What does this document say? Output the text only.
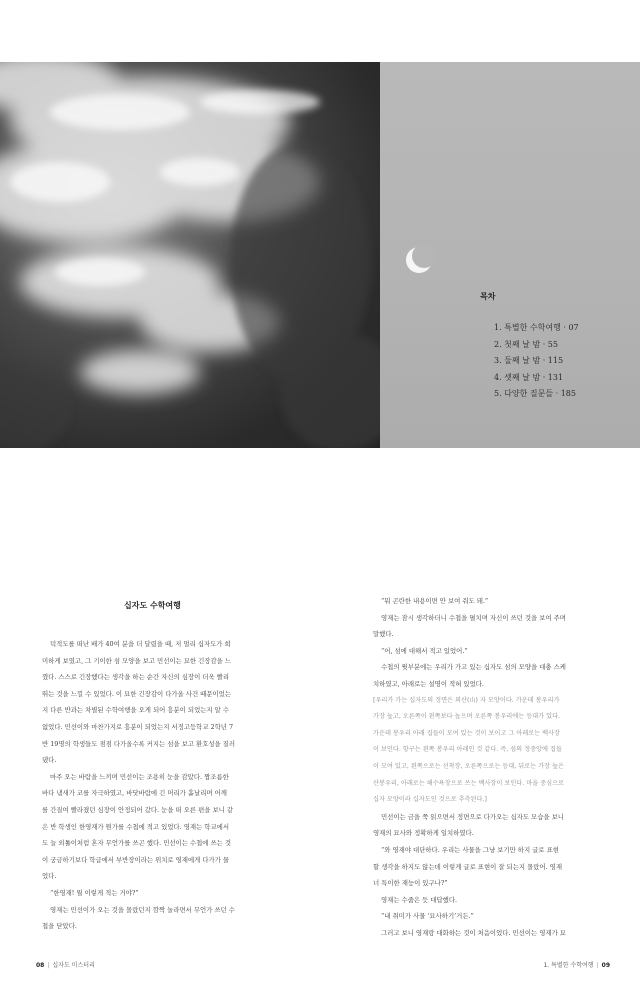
목차
1. 특별한 수학여행 · 07
2. 첫째 날 밤 · 55
3. 둘째 날 밤 · 115
4. 셋째 날 밤 · 131
5. 다양한 질문들 · 185
십자도 수학여행

덕적도를 떠난 배가 40여 분을 더 달렸을 때, 저 멀리 십자도가 희

미하게 보였고, 그 기이한 섬 모양을 보고 민선이는 묘한 긴장감을 느

꼈다. 스스로 긴장했다는 생각을 하는 순간 자신의 심장이 더욱 빨리

뛰는 것을 느낄 수 있었다. 이 묘한 긴장감이 다가올 사건 때문이었는

지 다른 반과는 차별된 수학여행을 오게 되어 흥분이 되었는지 알 수

없었다. 민선이와 마찬가지로 흥분이 되었는지 서정고등학교 2학년 7

반 19명의 학생들도 점점 다가올수록 커지는 섬을 보고 환호성을 질러

댔다.

마주 오는 바람을 느끼며 민선이는 조용히 눈을 감았다. 짭조름한

바다 냄새가 코를 자극하였고, 바닷바람에 긴 머리가 흩날리며 어깨

를 간질여 빨라졌던 심장이 안정되어 갔다. 눈을 떠 오른 편을 보니 같

은 반 학생인 한영재가 뭔가를 수첩에 적고 있었다. 영재는 학교에서

도 늘 외톨이처럼 혼자 무언가를 쓰곤 했다. 민선이는 수첩에 쓰는 것

이 궁금하기보다 학급에서 부반장이라는 위치로 영재에게 다가가 물

었다.

“한영재! 뭘 이렇게 적는 거야?”

영재는 민선이가 오는 것을 몰랐던지 깜짝 놀라면서 무언가 쓰던 수

첩을 닫았다.

“뭐 곤란한 내용이면 안 보여 줘도 돼.”

영재는 잠시 생각하더니 수첩을 펼치며 자신이 쓰던 것을 보여 주며

말했다.

“어, 섬에 대해서 적고 있었어.”

수첩의 윗부분에는 우리가 가고 있는 십자도 섬의 모양을 대충 스케

치하였고, 아래로는 설명이 적혀 있었다.

[우리가 가는 십자도의 정면은 외산(山) 자 모양이다. 가운데 봉우리가

가장 높고, 오른쪽이 왼쪽보다 높으며 오른쪽 봉우리에는 등대가 있다.

가운데 봉우리 아래 집들이 모여 있는 것이 보이고 그 아래로는 백사장

이 보인다. 항구는 왼쪽 봉우리 아래인 것 같다. 즉, 섬의 정중앙에 집들

이 모여 있고, 왼쪽으로는 선착장, 오른쪽으로는 등대, 뒤로는 가장 높은

산봉우리, 아래로는 해수욕장으로 쓰는 백사장이 보인다. 마을 중심으로

십자 모양이라 십자도인 것으로 추측된다.]

민선이는 금을 쭉 읽으면서 정면으로 다가오는 십자도 모습을 보니

영재의 묘사와 정확하게 일치하였다.

“와 영재야 대단하다. 우리는 사물을 그냥 보기만 하지 글로 표현

할 생각을 하지도 않는데 이렇게 글로 표현이 잘 되는지 몰랐어. 영재

너 특이한 재능이 있구나?”

영재는 수줍은 듯 대답했다.

“내 취미가 사물 ‘묘사하기’거든.”

그러고 보니 영재랑 대화하는 것이 처음이었다. 민선이는 영재가 묘

08 | 십자도 미스터리	1. 특별한 수학여행 | 09
